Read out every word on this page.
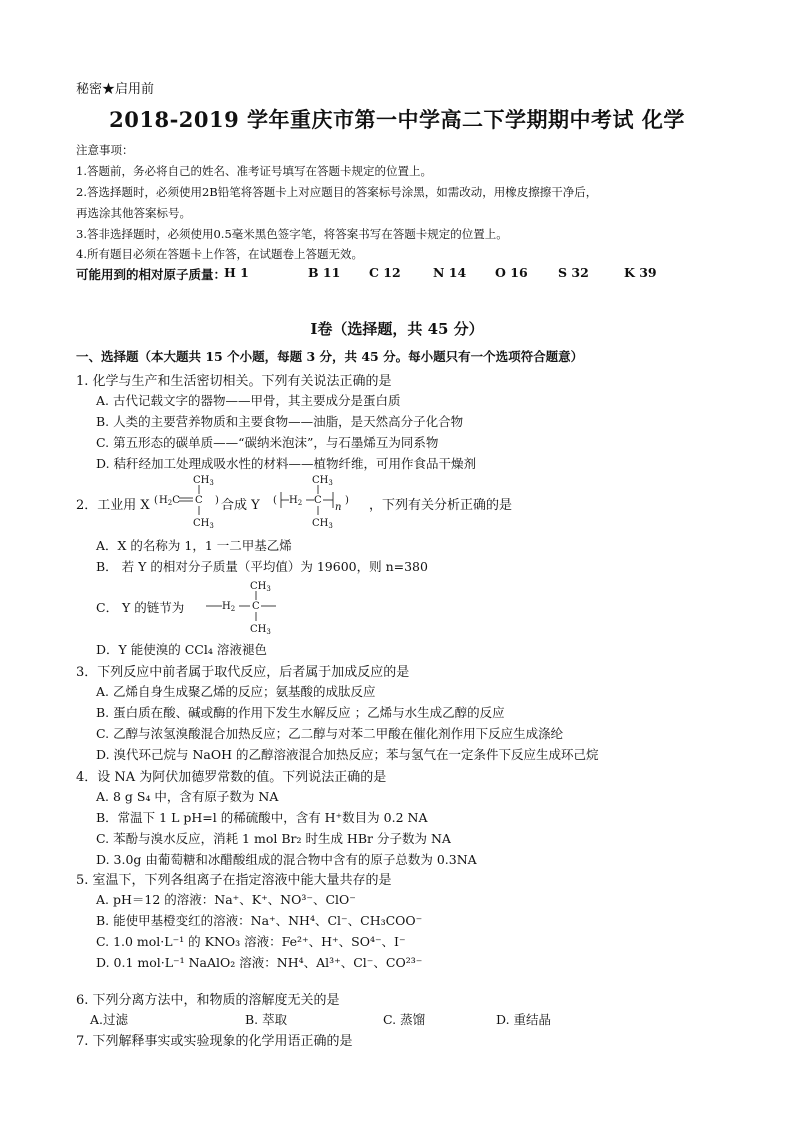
秘密★启用前
2018-2019 学年重庆市第一中学高二下学期期中考试 化学
注意事项：
1.答题前，务必将自己的姓名、准考证号填写在答题卡规定的位置上。
2.答选择题时，必须使用2B铅笔将答题卡上对应题目的答案标号涂黑，如需改动，用橡皮擦擦干净后，
再选涂其他答案标号。
3.答非选择题时，必须使用0.5毫米黑色签字笔，将答案书写在答题卡规定的位置上。
4.所有题目必须在答题卡上作答，在试题卷上答题无效。
可能用到的相对原子质量：
H 1	B 11 C 12	N 14 O 16 S 32	K 39
Ⅰ卷（选择题，共 45 分）
一、选择题（本大题共 15 个小题，每题 3 分，共 45 分。每小题只有一个选项符合题意）
1. 化学与生产和生活密切相关。下列有关说法正确的是
A. 古代记载文字的器物——甲骨，其主要成分是蛋白质
B. 人类的主要营养物质和主要食物——油脂，是天然高分子化合物
C. 第五形态的碳单质——“碳纳米泡沫”，与石墨烯互为同系物
D. 秸秆经加工处理成吸水性的材料——植物纤维，可用作食品干燥剂
2．工业用 X ( $H_2C$ C
$CH_3$
$CH_3$
) 合成 Y ( $H_2$ C
$CH_3$
$CH_3$
n
) ，下列有关分析正确的是
A．X 的名称为 1，1 一二甲基乙烯
B． 若 Y 的相对分子质量（平均值）为 19600，则 n=380
C． Y 的链节为	$H_2$ C
$CH_3$
$CH_3$
D．Y 能使溴的 CCl₄ 溶液褪色
3．下列反应中前者属于取代反应，后者属于加成反应的是
A. 乙烯自身生成聚乙烯的反应；氨基酸的成肽反应
B. 蛋白质在酸、碱或酶的作用下发生水解反应 ；乙烯与水生成乙醇的反应
C. 乙醇与浓氢溴酸混合加热反应；乙二醇与对苯二甲酸在催化剂作用下反应生成涤纶
D. 溴代环己烷与 NaOH 的乙醇溶液混合加热反应；苯与氢气在一定条件下反应生成环己烷
4．设 NA 为阿伏加德罗常数的值。下列说法正确的是
A. 8 g S₄ 中，含有原子数为 NA
B．常温下 1 L pH=l 的稀硫酸中，含有 H⁺数目为 0.2 NA
C. 苯酚与溴水反应，消耗 1 mol Br₂ 时生成 HBr 分子数为 NA
D. 3.0g 由葡萄糖和冰醋酸组成的混合物中含有的原子总数为 0.3NA
5. 室温下，下列各组离子在指定溶液中能大量共存的是
A. pH＝12 的溶液：Na⁺、K⁺、NO³⁻、ClO⁻
B. 能使甲基橙变红的溶液：Na⁺、NH⁴、Cl⁻、CH₃COO⁻
C. 1.0 mol·L⁻¹ 的 KNO₃ 溶液：Fe²⁺、H⁺、SO⁴⁻、I⁻
D. 0.1 mol·L⁻¹ NaAlO₂ 溶液：NH⁴、Al³⁺、Cl⁻、CO²³⁻
6. 下列分离方法中，和物质的溶解度无关的是
A.过滤	B. 萃取	C. 蒸馏	D. 重结晶
7. 下列解释事实或实验现象的化学用语正确的是
